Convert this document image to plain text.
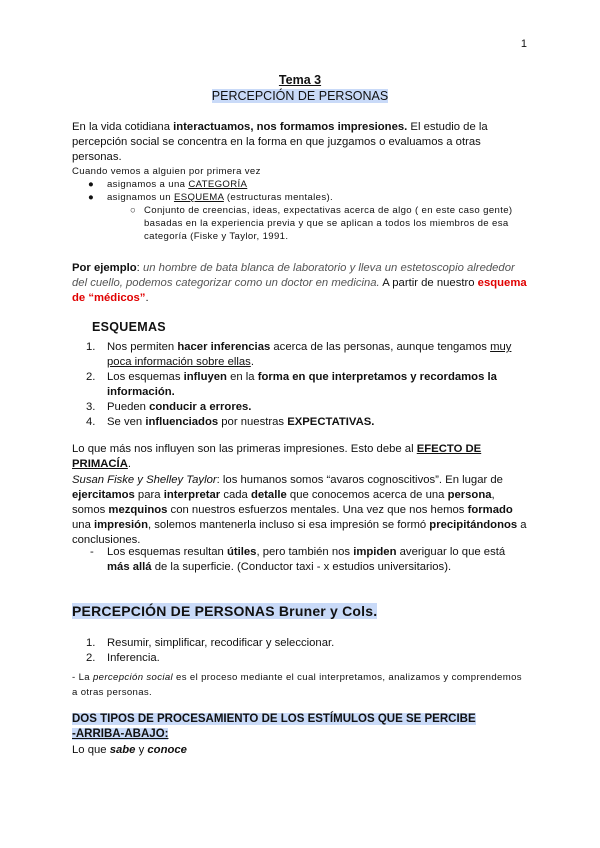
1
Tema 3
PERCEPCIÓN DE PERSONAS
En la vida cotidiana interactuamos, nos formamos impresiones. El estudio de la percepción social se concentra en la forma en que juzgamos o evaluamos a otras personas.
Cuando vemos a alguien por primera vez
● asignamos a una CATEGORÍA
● asignamos un ESQUEMA (estructuras mentales).
○ Conjunto de creencias, ideas, expectativas acerca de algo ( en este caso gente) basadas en la experiencia previa y que se aplican a todos los miembros de esa categoría (Fiske y Taylor, 1991.
Por ejemplo: un hombre de bata blanca de laboratorio y lleva un estetoscopio alrededor del cuello, podemos categorizar como un doctor en medicina. A partir de nuestro esquema de “médicos”.
ESQUEMAS
1. Nos permiten hacer inferencias acerca de las personas, aunque tengamos muy poca información sobre ellas.
2. Los esquemas influyen en la forma en que interpretamos y recordamos la información.
3. Pueden conducir a errores.
4. Se ven influenciados por nuestras EXPECTATIVAS.
Lo que más nos influyen son las primeras impresiones. Esto debe al EFECTO DE PRIMACÍA.
Susan Fiske y Shelley Taylor: los humanos somos “avaros cognoscitivos”. En lugar de ejercitamos para interpretar cada detalle que conocemos acerca de una persona, somos mezquinos con nuestros esfuerzos mentales. Una vez que nos hemos formado una impresión, solemos mantenerla incluso si esa impresión se formó precipitándonos a conclusiones.
- Los esquemas resultan útiles, pero también nos impiden averiguar lo que está más allá de la superficie. (Conductor taxi - x estudios universitarios).
PERCEPCIÓN DE PERSONAS Bruner y Cols.
1. Resumir, simplificar, recodificar y seleccionar.
2. Inferencia.
- La percepción social es el proceso mediante el cual interpretamos, analizamos y comprendemos a otras personas.
DOS TIPOS DE PROCESAMIENTO DE LOS ESTÍMULOS QUE SE PERCIBE
-ARRIBA-ABAJO:
Lo que sabe y conoce
